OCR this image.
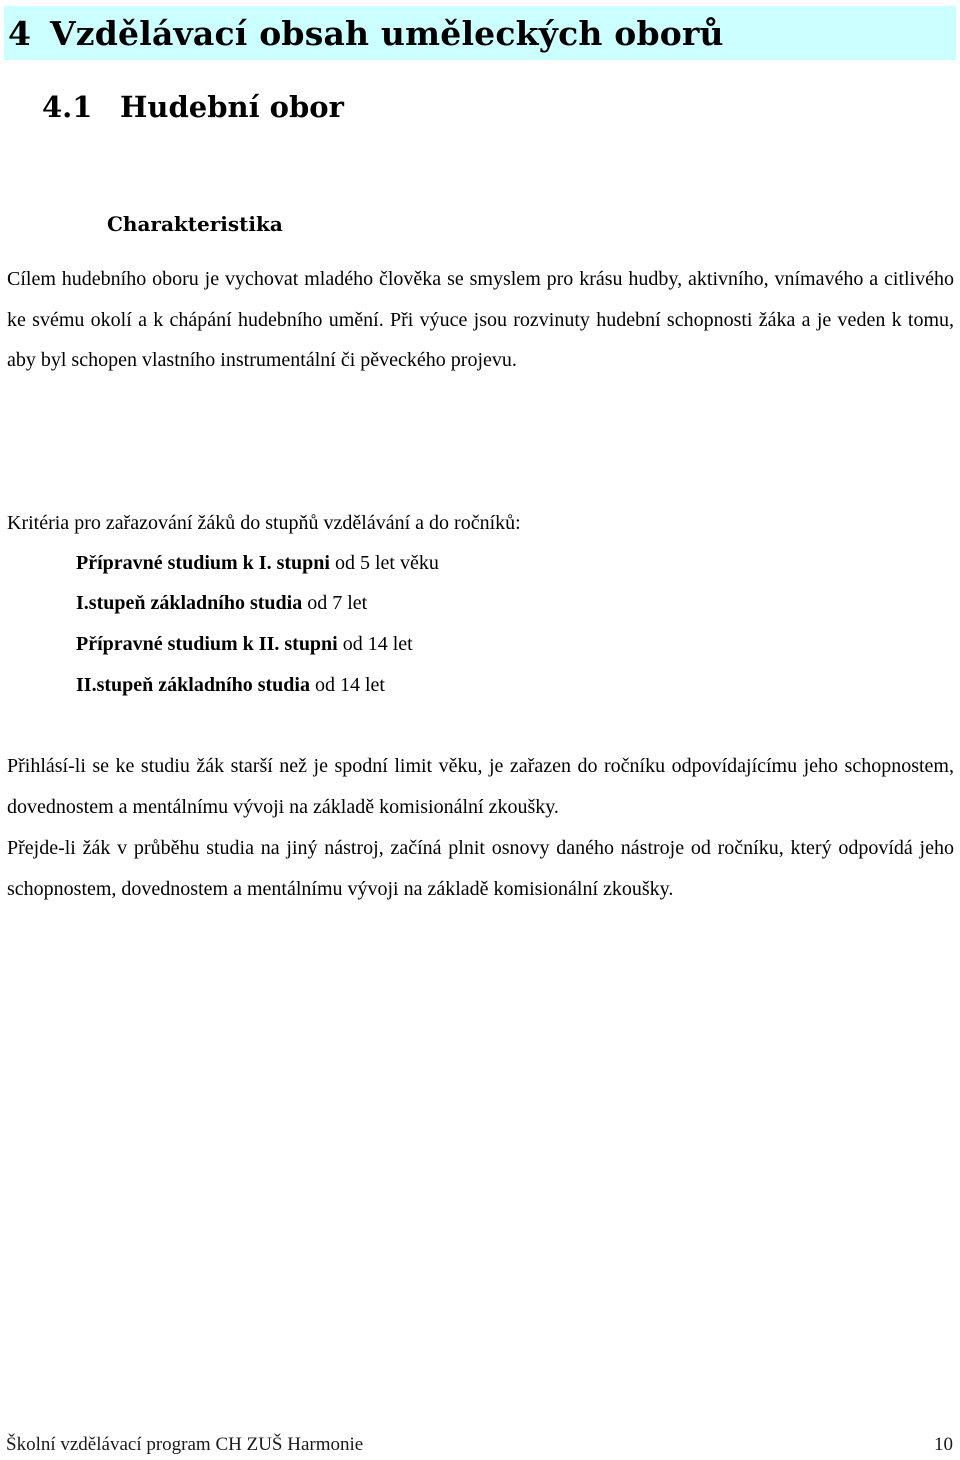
4 Vzdělávací obsah uměleckých oborů
4.1 Hudební obor
Charakteristika

Cílem hudebního oboru je vychovat mladého člověka se smyslem pro krásu hudby, aktivního, vnímavého a citlivého ke svému okolí a k chápání hudebního umění. Při výuce jsou rozvinuty hudební schopnosti žáka a je veden k tomu, aby byl schopen vlastního instrumentální či pěveckého projevu.

Kritéria pro zařazování žáků do stupňů vzdělávání a do ročníků:
Přípravné studium k I. stupni od 5 let věku
I.stupeň základního studia od 7 let
Přípravné studium k II. stupni od 14 let
II.stupeň základního studia od 14 let

Přihlásí-li se ke studiu žák starší než je spodní limit věku, je zařazen do ročníku odpovídajícímu jeho schopnostem, dovednostem a mentálnímu vývoji na základě komisionální zkoušky.

Přejde-li žák v průběhu studia na jiný nástroj, začíná plnit osnovy daného nástroje od ročníku, který odpovídá jeho schopnostem, dovednostem a mentálnímu vývoji na základě komisionální zkoušky.

Školní vzdělávací program CH ZUŠ Harmonie	10
